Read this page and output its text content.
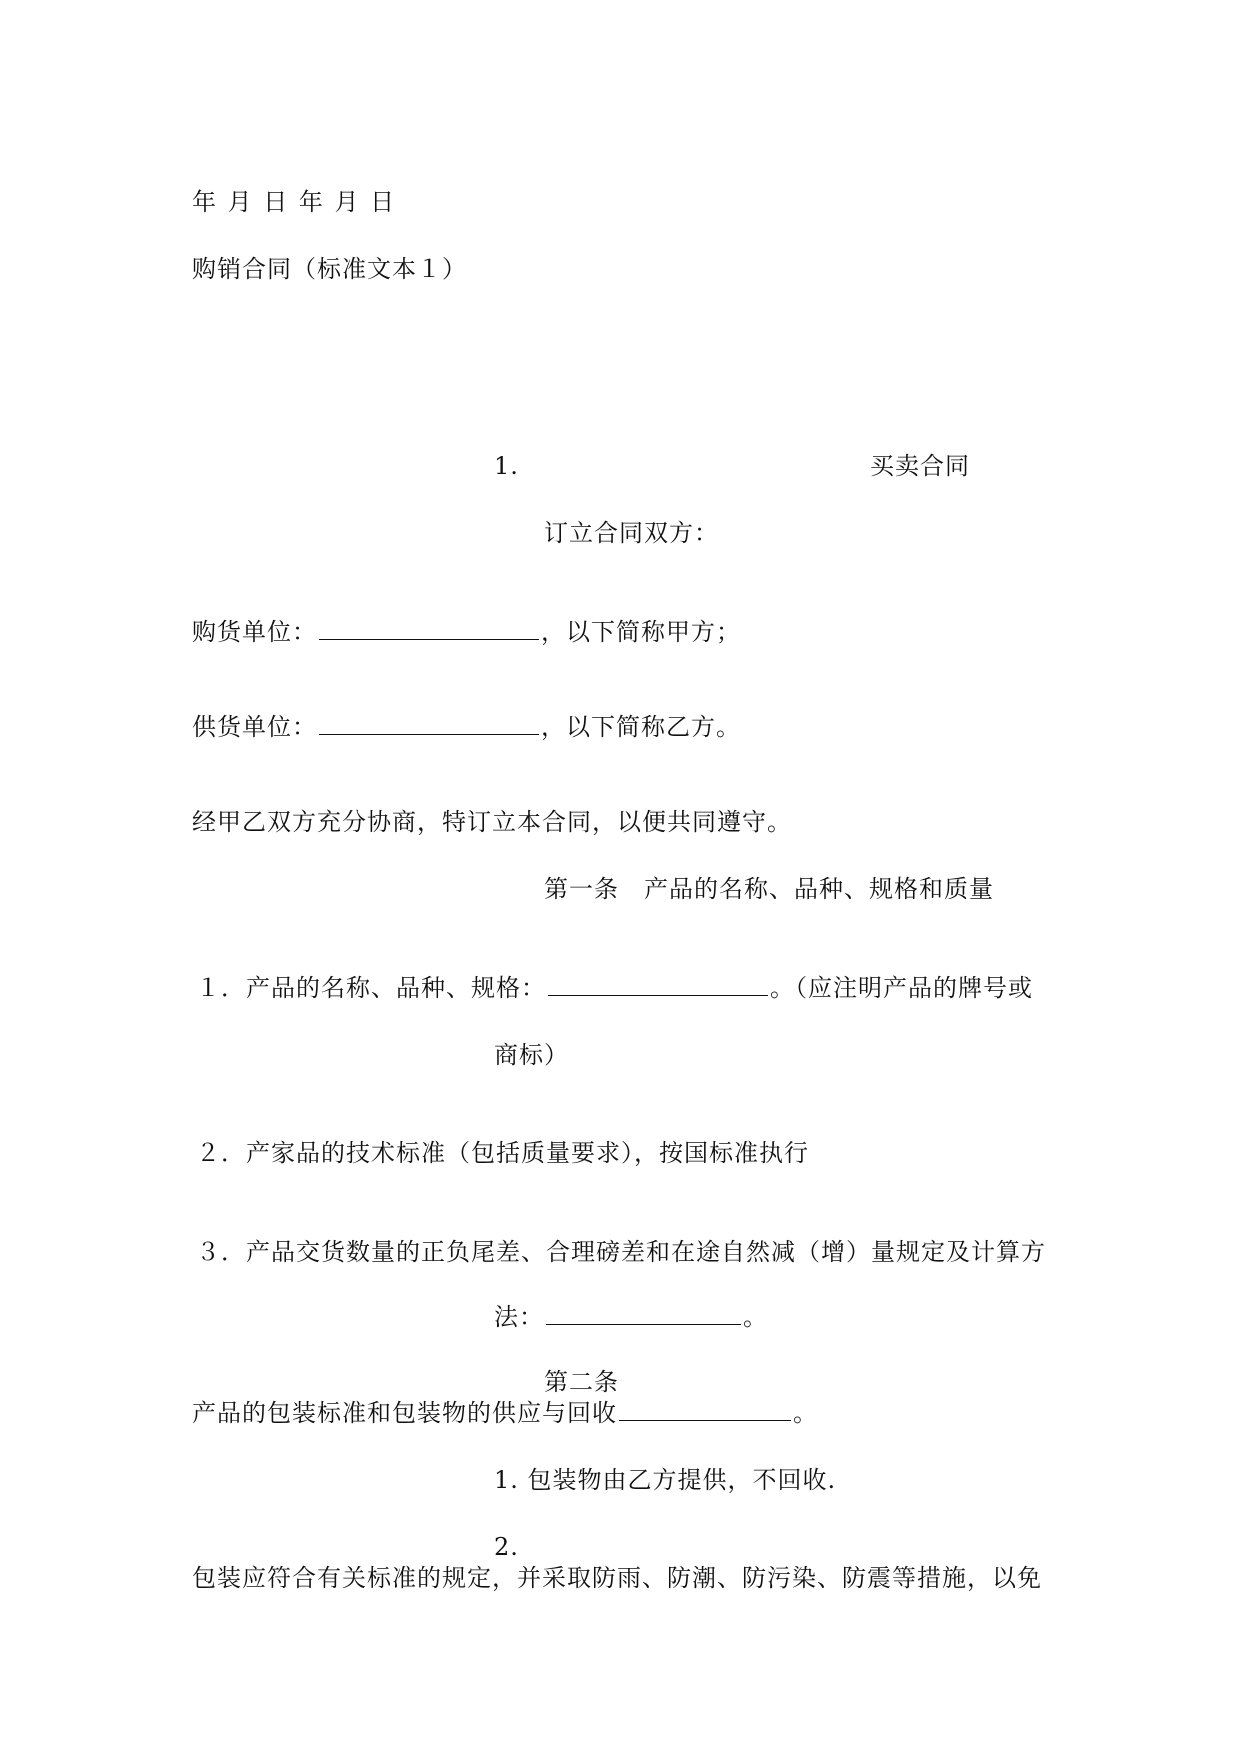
年 月 日 年 月 日
购销合同（标准文本１）
1.	买卖合同
订立合同双方：
购货单位：	，以下简称甲方；
供货单位：	，以下简称乙方。
经甲乙双方充分协商，特订立本合同，以便共同遵守。
第一条　产品的名称、品种、规格和质量
１．产品的名称、品种、规格：	。（应注明产品的牌号或
商标）
２．产家品的技术标准（包括质量要求），按国标准执行
３．产品交货数量的正负尾差、合理磅差和在途自然减（增）量规定及计算方
法：	。
第二条
产品的包装标准和包装物的供应与回收	。
1. 包装物由乙方提供，不回收.
2.
包装应符合有关标准的规定，并采取防雨、防潮、防污染、防震等措施，以免
